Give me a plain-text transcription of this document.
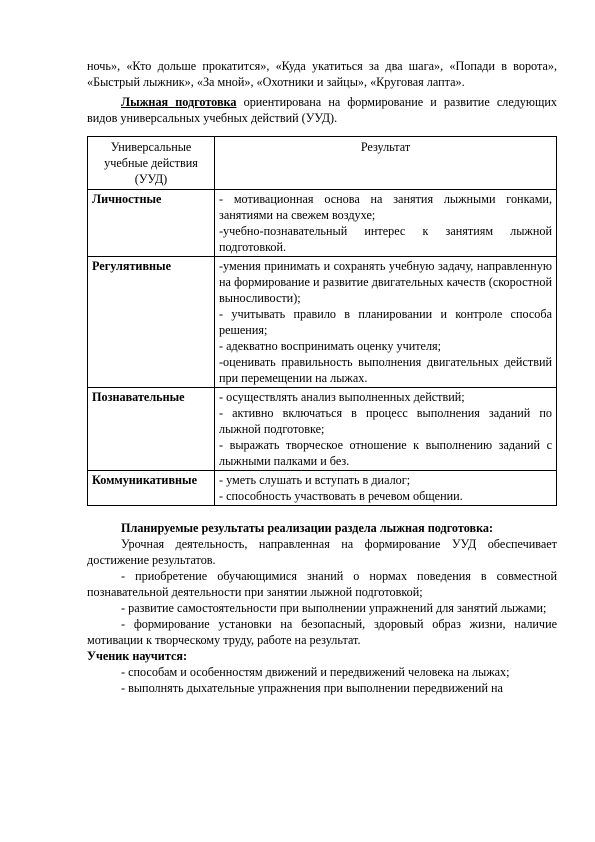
ночь», «Кто дольше прокатится», «Куда укатиться за два шага», «Попади в ворота», «Быстрый лыжник», «За мной», «Охотники и зайцы», «Круговая лапта».

Лыжная подготовка ориентирована на формирование и развитие следующих видов универсальных учебных действий (УУД).

Универсальные учебные действия (УУД)	Результат
Личностные	- мотивационная основа на занятия лыжными гонками, занятиями на свежем воздухе;
-учебно-познавательный интерес к занятиям лыжной подготовкой.

Регулятивные	-умения принимать и сохранять учебную задачу, направленную на формирование и развитие двигательных качеств (скоростной выносливости);
- учитывать правило в планировании и контроле способа решения;
- адекватно воспринимать оценку учителя;
-оценивать правильность выполнения двигательных действий при перемещении на лыжах.

Познавательные	- осуществлять анализ выполненных действий;
- активно включаться в процесс выполнения заданий по лыжной подготовке;
- выражать творческое отношение к выполнению заданий с лыжными палками и без.

Коммуникативные	- уметь слушать и вступать в диалог;
- способность участвовать в речевом общении.

Планируемые результаты реализации раздела лыжная подготовка:

Урочная деятельность, направленная на формирование УУД обеспечивает достижение результатов.

- приобретение обучающимися знаний о нормах поведения в совместной познавательной деятельности при занятии лыжной подготовкой;

- развитие самостоятельности при выполнении упражнений для занятий лыжами;

- формирование установки на безопасный, здоровый образ жизни, наличие мотивации к творческому труду, работе на результат.

Ученик научится:

- способам и особенностям движений и передвижений человека на лыжах;

- выполнять дыхательные упражнения при выполнении передвижений на
